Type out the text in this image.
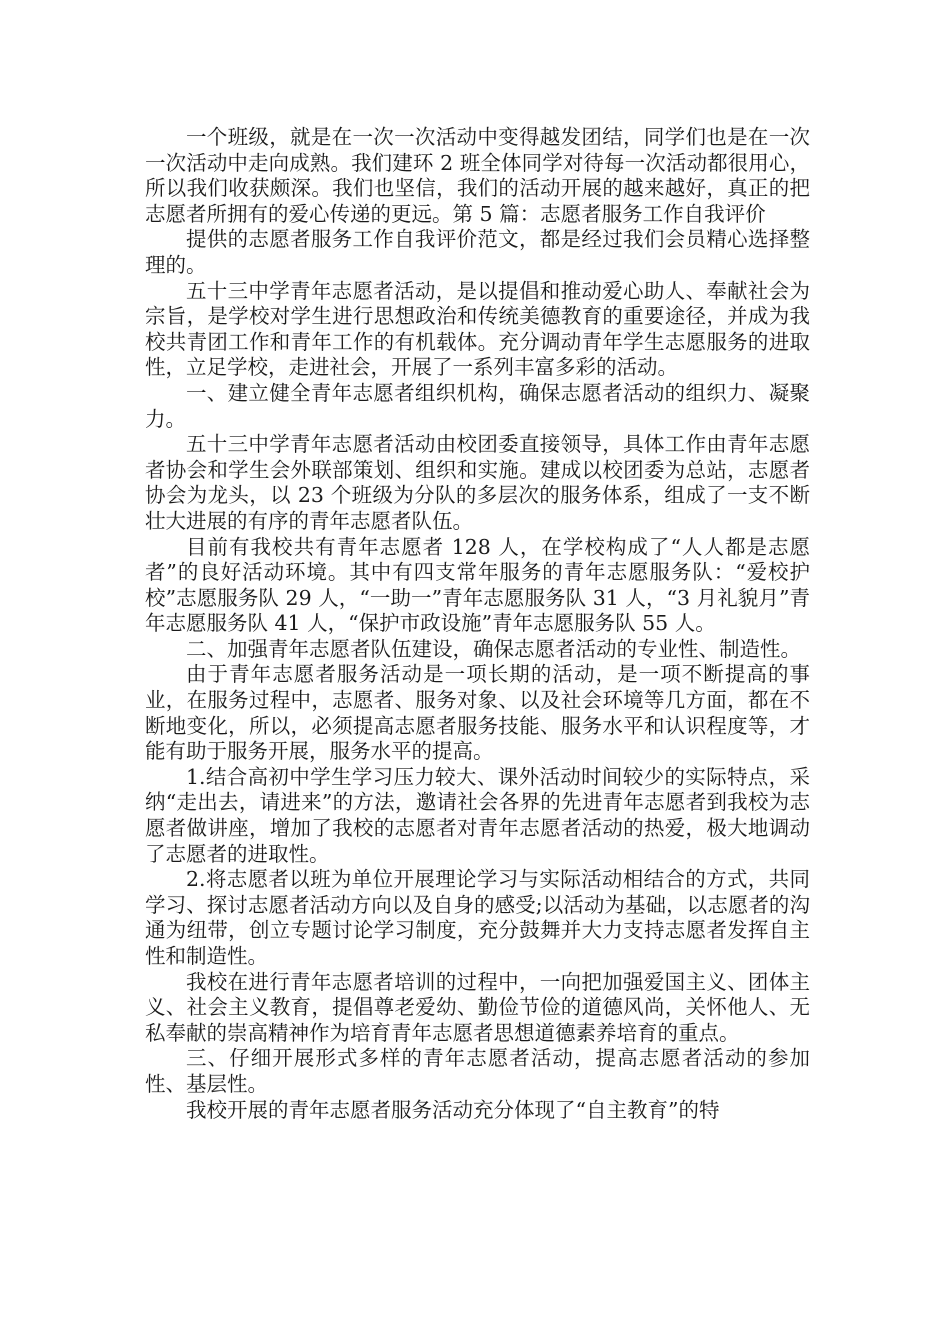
一个班级，就是在一次一次活动中变得越发团结，同学们也是在一次一次活动中走向成熟。我们建环 2 班全体同学对待每一次活动都很用心，所以我们收获颇深。我们也坚信，我们的活动开展的越来越好，真正的把志愿者所拥有的爱心传递的更远。第 5 篇：志愿者服务工作自我评价

提供的志愿者服务工作自我评价范文，都是经过我们会员精心选择整理的。

五十三中学青年志愿者活动，是以提倡和推动爱心助人、奉献社会为宗旨，是学校对学生进行思想政治和传统美德教育的重要途径，并成为我校共青团工作和青年工作的有机载体。充分调动青年学生志愿服务的进取性，立足学校，走进社会，开展了一系列丰富多彩的活动。

一、建立健全青年志愿者组织机构，确保志愿者活动的组织力、凝聚力。

五十三中学青年志愿者活动由校团委直接领导，具体工作由青年志愿者协会和学生会外联部策划、组织和实施。建成以校团委为总站，志愿者协会为龙头，以 23 个班级为分队的多层次的服务体系，组成了一支不断壮大进展的有序的青年志愿者队伍。

目前有我校共有青年志愿者 128 人，在学校构成了“人人都是志愿者”的良好活动环境。其中有四支常年服务的青年志愿服务队：“爱校护校”志愿服务队 29 人，“一助一”青年志愿服务队 31 人，“3 月礼貌月”青年志愿服务队 41 人，“保护市政设施”青年志愿服务队 55 人。

二、加强青年志愿者队伍建设，确保志愿者活动的专业性、制造性。

由于青年志愿者服务活动是一项长期的活动，是一项不断提高的事业，在服务过程中，志愿者、服务对象、以及社会环境等几方面，都在不断地变化，所以，必须提高志愿者服务技能、服务水平和认识程度等，才能有助于服务开展，服务水平的提高。

1.结合高初中学生学习压力较大、课外活动时间较少的实际特点，采纳“走出去，请进来”的方法，邀请社会各界的先进青年志愿者到我校为志愿者做讲座，增加了我校的志愿者对青年志愿者活动的热爱，极大地调动了志愿者的进取性。

2.将志愿者以班为单位开展理论学习与实际活动相结合的方式，共同学习、探讨志愿者活动方向以及自身的感受;以活动为基础，以志愿者的沟通为纽带，创立专题讨论学习制度，充分鼓舞并大力支持志愿者发挥自主性和制造性。

我校在进行青年志愿者培训的过程中，一向把加强爱国主义、团体主义、社会主义教育，提倡尊老爱幼、勤俭节俭的道德风尚，关怀他人、无私奉献的崇高精神作为培育青年志愿者思想道德素养培育的重点。

三、仔细开展形式多样的青年志愿者活动，提高志愿者活动的参加性、基层性。

我校开展的青年志愿者服务活动充分体现了“自主教育”的特
